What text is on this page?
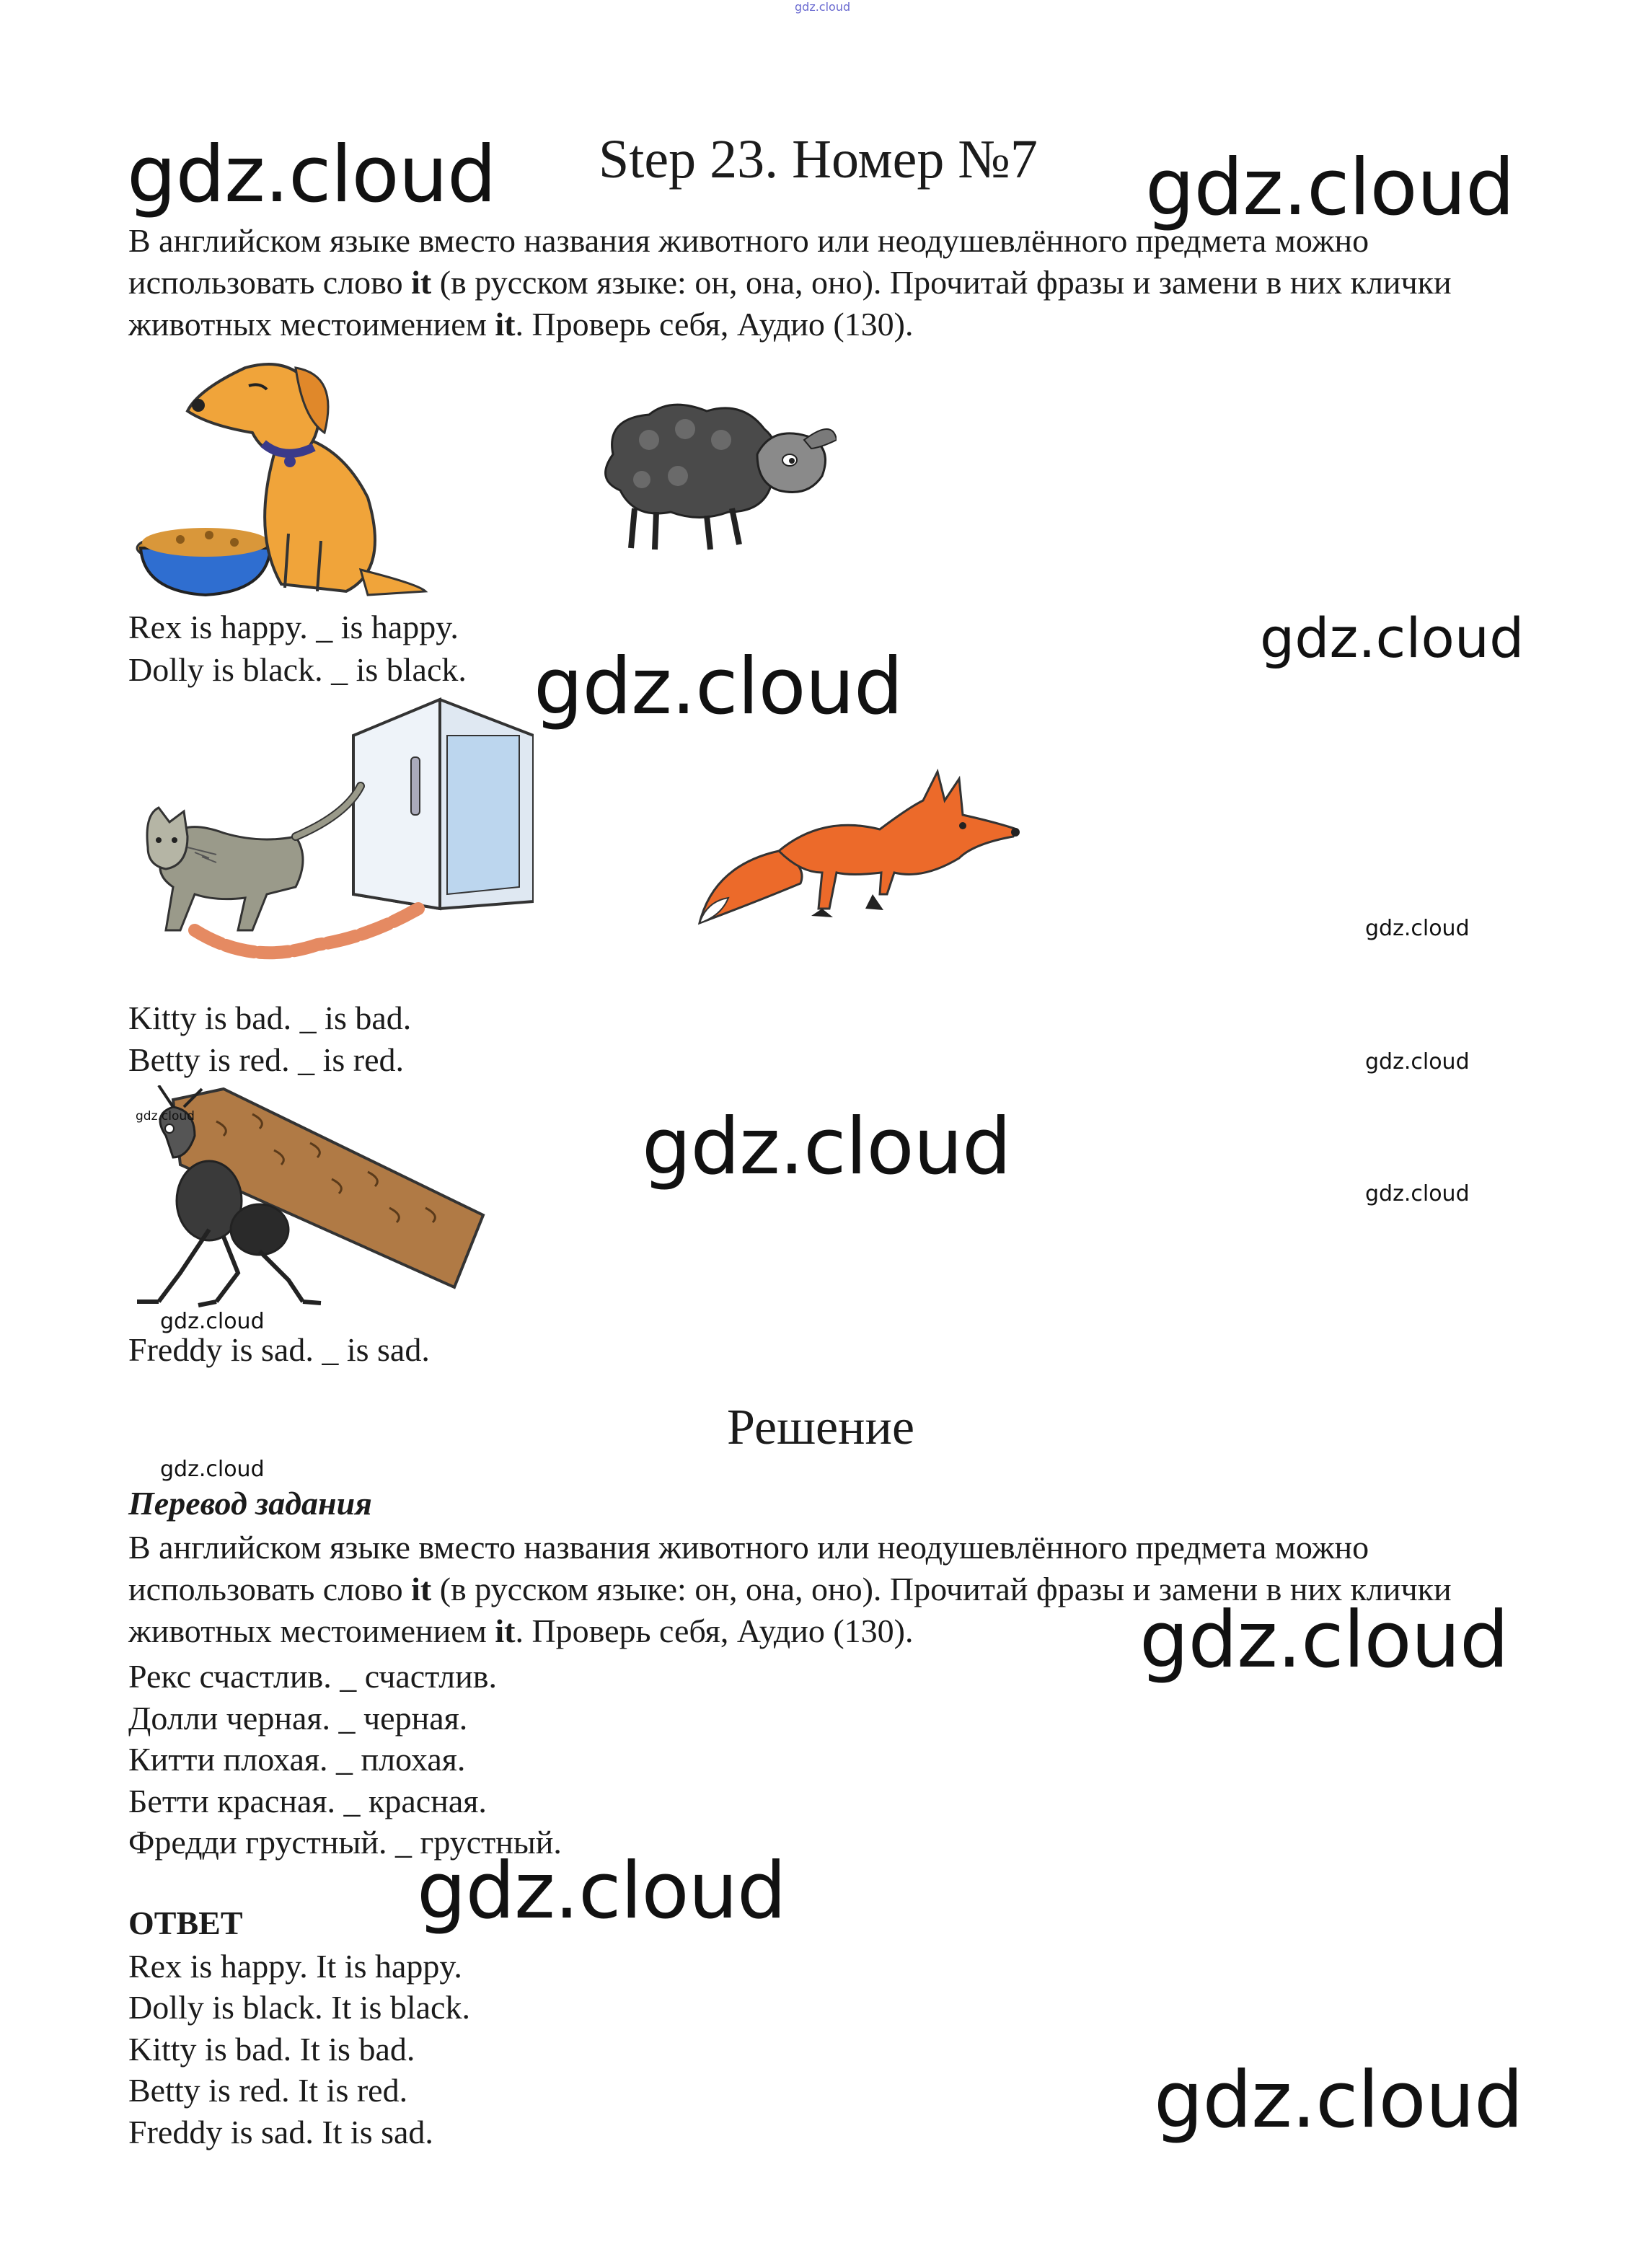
gdz.cloud
gdz.cloud Step 23. Номер №7 gdz.cloud
В английском языке вместо названия животного или неодушевлённого предмета можно использовать слово it (в русском языке: он, она, оно). Прочитай фразы и замени в них клички животных местоимением it. Проверь себя, Аудио (130).
Rex is happy. _ is happy.
Dolly is black. _ is black.	gdz.cloud
gdz.cloud
gdz.cloud
Kitty is bad. _ is bad.
Betty is red. _ is red.	gdz.cloud
gdz.cloud	gdz.cloud
gdz.cloud
gdz.cloud
Freddy is sad. _ is sad.
Решение
gdz.cloud
Перевод задания
В английском языке вместо названия животного или неодушевлённого предмета можно использовать слово it (в русском языке: он, она, оно). Прочитай фразы и замени в них клички животных местоимением it. Проверь себя, Аудио (130).	gdz.cloud
Рекс счастлив. _ счастлив.
Долли черная. _ черная.
Китти плохая. _ плохая.
Бетти красная. _ красная.
Фредди грустный. _ грустный.
gdz.cloud
ОТВЕТ
Rex is happy. It is happy.
Dolly is black. It is black.
Kitty is bad. It is bad.
Betty is red. It is red.
Freddy is sad. It is sad.	gdz.cloud
